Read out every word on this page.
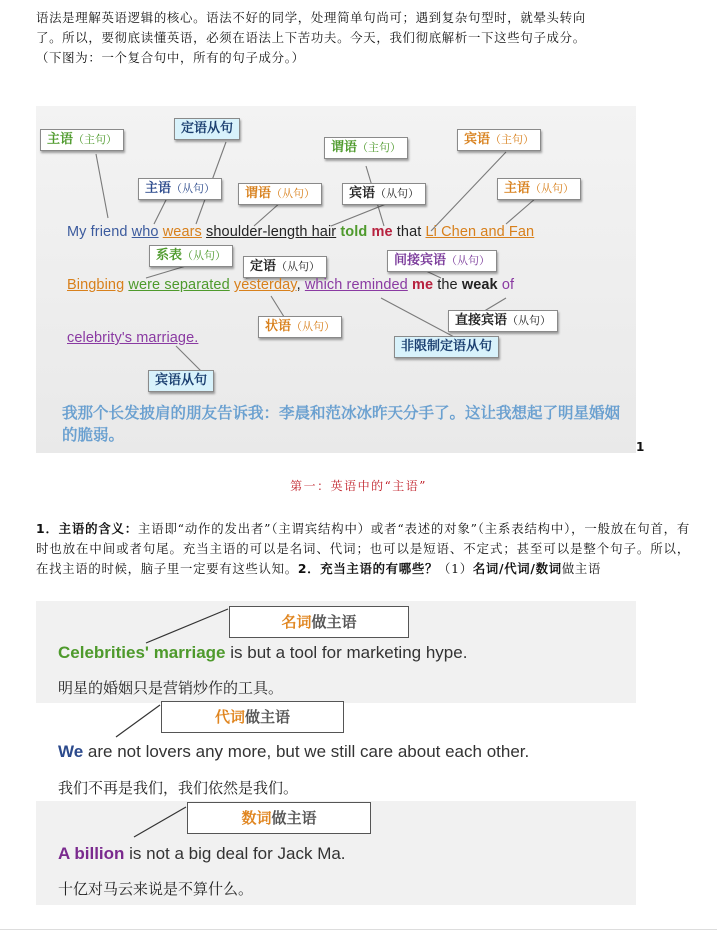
语法是理解英语逻辑的核心。语法不好的同学，处理简单句尚可；遇到复杂句型时，就晕头转向
了。所以，要彻底读懂英语，必须在语法上下苦功夫。今天，我们彻底解析一下这些句子成分。
（下图为：一个复合句中，所有的句子成分。）
主语（主句）
定语从句
谓语（主句）
宾语（主句）
主语（从句）	谓语（从句）	宾语（从句）	主语（从句）
My friend who wears shoulder-length hair told me that Li Chen and Fan
系表（从句）
定语（从句）	间接宾语（从句）
Bingbing were separated yesterday, which reminded me the weak of
状语（从句）	直接宾语（从句）
非限制定语从句
celebrity's marriage.
宾语从句
我那个长发披肩的朋友告诉我：李晨和范冰冰昨天分手了。这让我想起了明星婚姻的脆弱。
1
第一：英语中的“主语”
1．主语的含义：主语即“动作的发出者”（主谓宾结构中）或者“表述的对象”（主系表结构中），一般放在句首，有时也放在中间或者句尾。充当主语的可以是名词、代词；也可以是短语、不定式；甚至可以是整个句子。所以，在找主语的时候，脑子里一定要有这些认知。2．充当主语的有哪些？（1）名词/代词/数词做主语
名词做主语
Celebrities' marriage is but a tool for marketing hype.
明星的婚姻只是营销炒作的工具。
代词做主语
We are not lovers any more, but we still care about each other.
我们不再是我们，我们依然是我们。
数词做主语
A billion is not a big deal for Jack Ma.
十亿对马云来说是不算什么。
